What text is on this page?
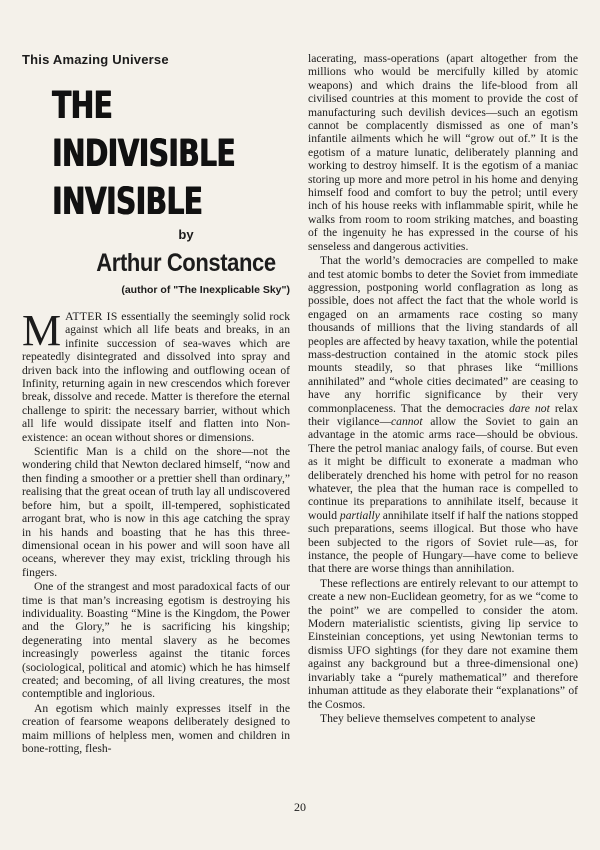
This Amazing Universe
THE
INDIVISIBLE
INVISIBLE
by
Arthur Constance
(author of "The Inexplicable Sky")

MATTER IS essentially the seemingly solid rock against which all life beats and breaks, in an infinite succession of sea-waves which are repeatedly disintegrated and dissolved into spray and driven back into the inflowing and outflowing ocean of Infinity, returning again in new crescendos which forever break, dissolve and recede. Matter is therefore the eternal challenge to spirit: the necessary barrier, without which all life would dissipate itself and flatten into Non-existence: an ocean without shores or dimensions.

Scientific Man is a child on the shore—not the wondering child that Newton declared himself, “now and then finding a smoother or a prettier shell than ordinary,” realising that the great ocean of truth lay all undiscovered before him, but a spoilt, ill-tempered, sophisticated arrogant brat, who is now in this age catching the spray in his hands and boasting that he has this three-dimensional ocean in his power and will soon have all oceans, wherever they may exist, trickling through his fingers.

One of the strangest and most paradoxical facts of our time is that man’s increasing egotism is destroying his individuality. Boasting “Mine is the Kingdom, the Power and the Glory,” he is sacrificing his kingship; degenerating into mental slavery as he becomes increasingly powerless against the titanic forces (sociological, political and atomic) which he has himself created; and becoming, of all living creatures, the most contemptible and inglorious.

An egotism which mainly expresses itself in the creation of fearsome weapons deliberately designed to maim millions of helpless men, women and children in bone-rotting, flesh-

lacerating, mass-operations (apart altogether from the millions who would be mercifully killed by atomic weapons) and which drains the life-blood from all civilised countries at this moment to provide the cost of manufacturing such devilish devices—such an egotism cannot be complacently dismissed as one of man’s infantile ailments which he will “grow out of.” It is the egotism of a mature lunatic, deliberately planning and working to destroy himself. It is the egotism of a maniac storing up more and more petrol in his home and denying himself food and comfort to buy the petrol; until every inch of his house reeks with inflammable spirit, while he walks from room to room striking matches, and boasting of the ingenuity he has expressed in the course of his senseless and dangerous activities.

That the world’s democracies are compelled to make and test atomic bombs to deter the Soviet from immediate aggression, postponing world conflagration as long as possible, does not affect the fact that the whole world is engaged on an armaments race costing so many thousands of millions that the living standards of all peoples are affected by heavy taxation, while the potential mass-destruction contained in the atomic stock piles mounts steadily, so that phrases like “millions annihilated” and “whole cities decimated” are ceasing to have any horrific significance by their very commonplaceness. That the democracies dare not relax their vigilance—cannot allow the Soviet to gain an advantage in the atomic arms race—should be obvious. There the petrol maniac analogy fails, of course. But even as it might be difficult to exonerate a madman who deliberately drenched his home with petrol for no reason whatever, the plea that the human race is compelled to continue its preparations to annihilate itself, because it would partially annihilate itself if half the nations stopped such preparations, seems illogical. But those who have been subjected to the rigors of Soviet rule—as, for instance, the people of Hungary—have come to believe that there are worse things than annihilation.

These reflections are entirely relevant to our attempt to create a new non-Euclidean geometry, for as we “come to the point” we are compelled to consider the atom. Modern materialistic scientists, giving lip service to Einsteinian conceptions, yet using Newtonian terms to dismiss UFO sightings (for they dare not examine them against any background but a three-dimensional one) invariably take a “purely mathematical” and therefore inhuman attitude as they elaborate their “explanations” of the Cosmos.

They believe themselves competent to analyse

20
